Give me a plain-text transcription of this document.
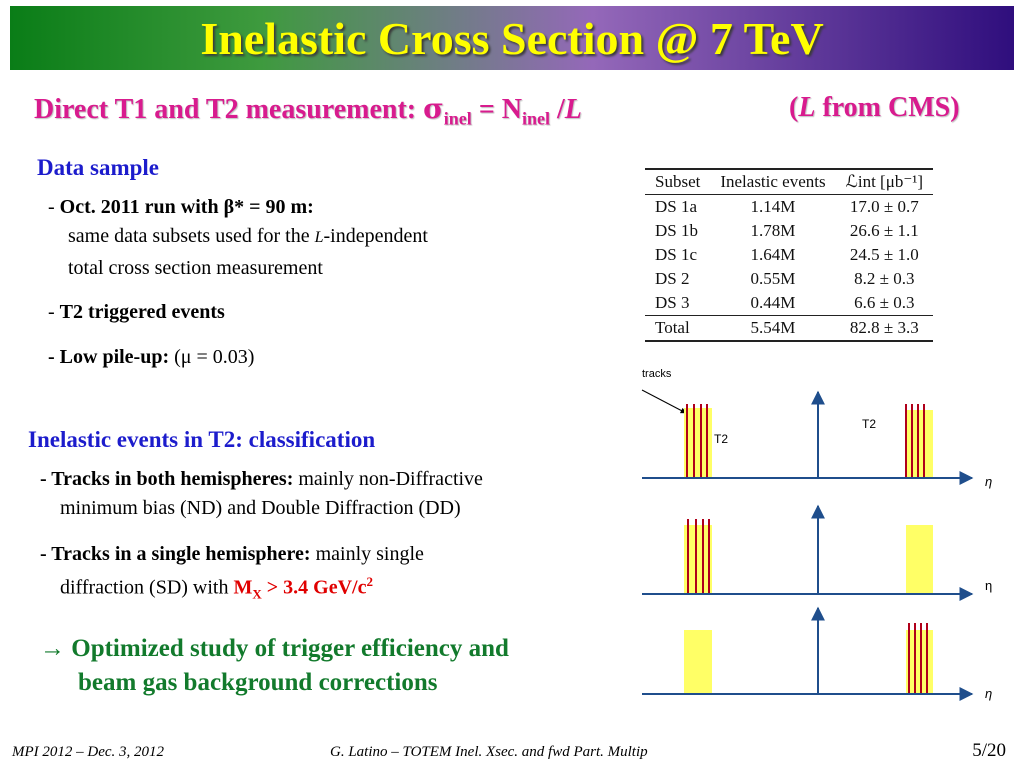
Inelastic Cross Section @ 7 TeV
Direct T1 and T2 measurement: $\sigma_{inel} = N_{inel}$ /L	(L from CMS)
Data sample
- Oct. 2011 run with β* = 90 m:
same data subsets used for the L-independent
total cross section measurement
- T2 triggered events
- Low pile-up: (μ = 0.03)
Subset	Inelastic events	ℒint [μb⁻¹]
DS 1a	1.14M	17.0 ± 0.7
DS 1b	1.78M	26.6 ± 1.1
DS 1c	1.64M	24.5 ± 1.0
DS 2	0.55M	8.2 ± 0.3
DS 3	0.44M	6.6 ± 0.3
Total	5.54M	82.8 ± 3.3
Inelastic events in T2: classification
- Tracks in both hemispheres: mainly non-Diffractive
minimum bias (ND) and Double Diffraction (DD)
- Tracks in a single hemisphere: mainly single
diffraction (SD) with $M_X > 3.4$ GeV/$c^2$
→ Optimized study of trigger efficiency and
beam gas background corrections
tracks
T2
T2
η
η
η
MPI 2012 – Dec. 3, 2012	G. Latino – TOTEM Inel. Xsec. and fwd Part. Multip	5/20
